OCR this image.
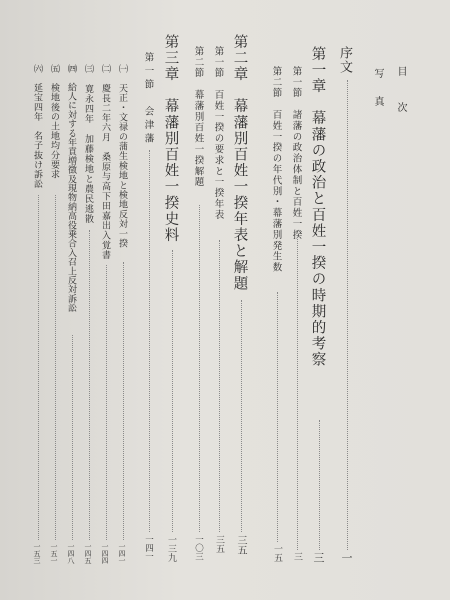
目次
写真
序文
一
第一章　幕藩の政治と百姓一揆の時期的考察
三
第一節　諸藩の政治体制と百姓一揆
三
第二節　百姓一揆の年代別・幕藩別発生数
一五
第二章　幕藩別百姓一揆年表と解題
三五
第一節　百姓一揆の要求と一揆年表
三五
第二節　幕藩別百姓一揆解題
一〇三
第三章　幕藩別百姓一揆史料
一三九
第一節　会津藩
一四一
㈠　天正・文禄の蒲生検地と検地反対一揆
一四一
㈡　慶長二年六月　桑原与高下田嘉出入覚書
一四四
㈢　寛永四年　加藤検地と農民逃散
一四五
㈣　給人に対する年貢増徴及現物納高役乗合入召上反対訴訟
一四八
㈤　検地後の土地均分要求
一五一
㈥　延宝四年　名子抜け訴訟
一五三
